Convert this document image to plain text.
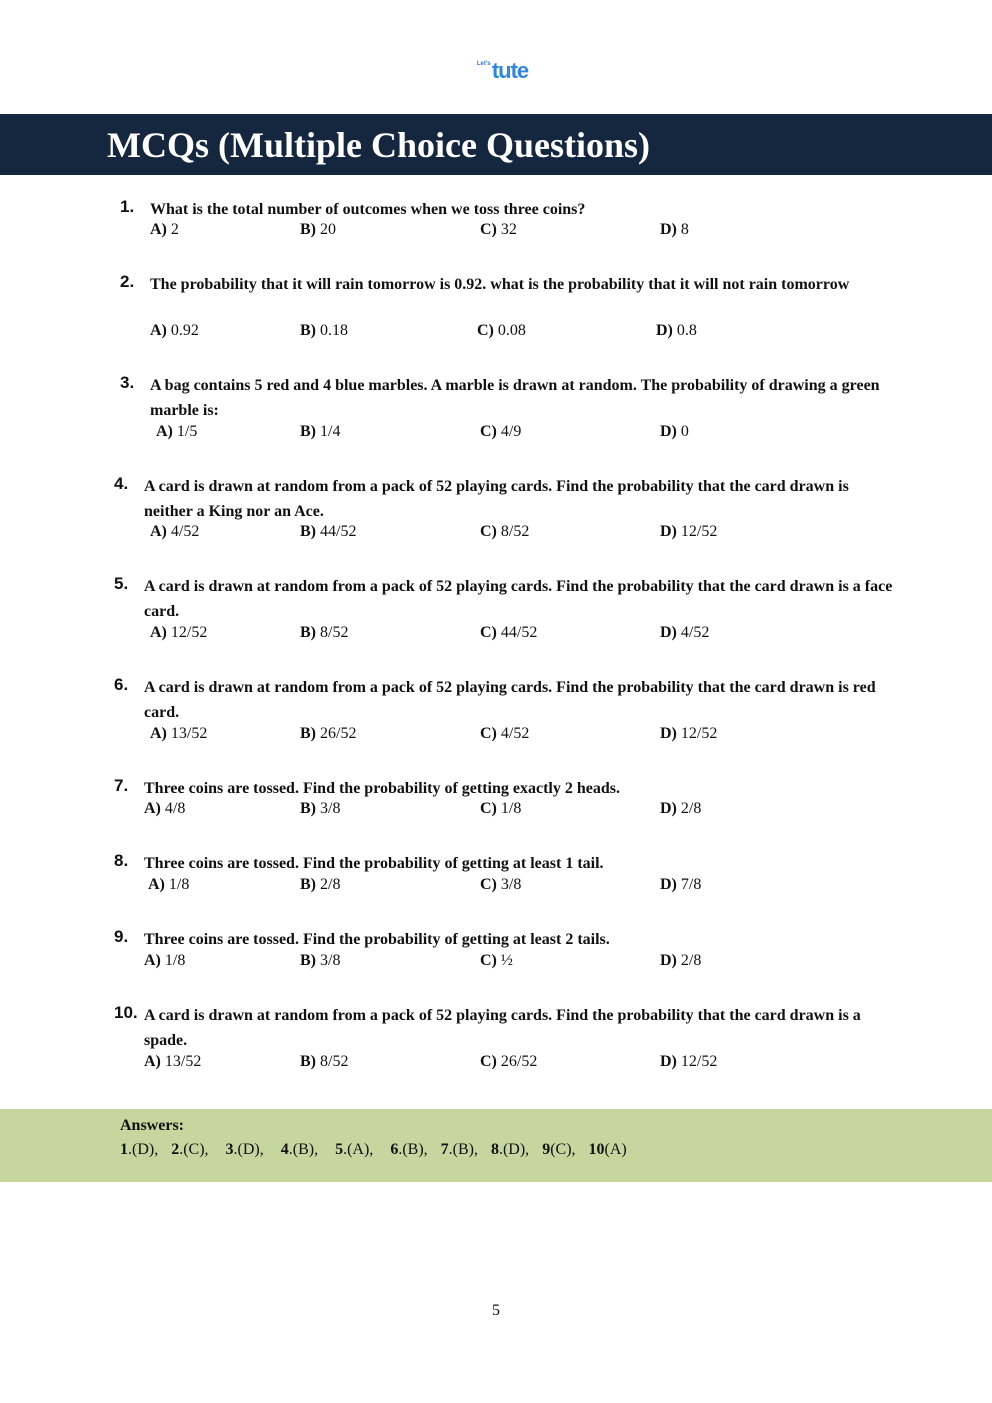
Let's tute
MCQs (Multiple Choice Questions)
1. What is the total number of outcomes when we toss three coins?
A) 2	B) 20	C) 32	D) 8
2. The probability that it will rain tomorrow is 0.92. what is the probability that it will not rain tomorrow
A) 0.92	B) 0.18	C) 0.08	D) 0.8
3. A bag contains 5 red and 4 blue marbles. A marble is drawn at random. The probability of drawing a green marble is:
A) 1/5	B) 1/4	C) 4/9	D) 0
4. A card is drawn at random from a pack of 52 playing cards. Find the probability that the card drawn is neither a King nor an Ace.
A) 4/52	B) 44/52	C) 8/52	D) 12/52
5. A card is drawn at random from a pack of 52 playing cards. Find the probability that the card drawn is a face card.
A) 12/52	B) 8/52	C) 44/52	D) 4/52
6. A card is drawn at random from a pack of 52 playing cards. Find the probability that the card drawn is red card.
A) 13/52	B) 26/52	C) 4/52	D) 12/52
7. Three coins are tossed. Find the probability of getting exactly 2 heads.
A) 4/8	B) 3/8	C) 1/8	D) 2/8
8. Three coins are tossed. Find the probability of getting at least 1 tail.
A) 1/8	B) 2/8	C) 3/8	D) 7/8
9. Three coins are tossed. Find the probability of getting at least 2 tails.
A) 1/8	B) 3/8	C) ½	D) 2/8
10. A card is drawn at random from a pack of 52 playing cards. Find the probability that the card drawn is a spade.
A) 13/52	B) 8/52	C) 26/52	D) 12/52
Answers:
1.(D), 2.(C), 3.(D), 4.(B), 5.(A), 6.(B), 7.(B), 8.(D), 9(C), 10(A)
5
